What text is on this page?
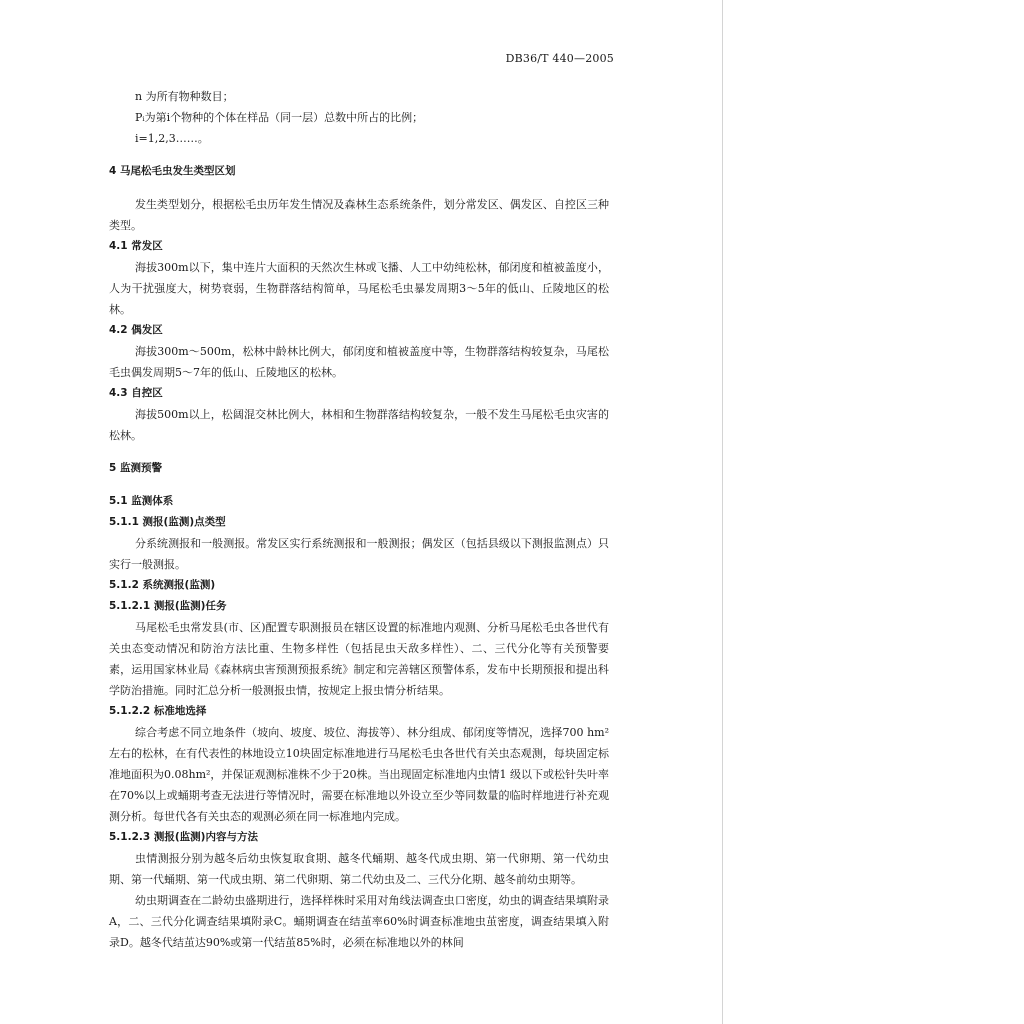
DB36/T 440—2005
n 为所有物种数目；
Pᵢ为第i个物种的个体在样品（同一层）总数中所占的比例；
i=1,2,3……。
4 马尾松毛虫发生类型区划
发生类型划分，根据松毛虫历年发生情况及森林生态系统条件，划分常发区、偶发区、自控区三种类型。
4.1 常发区
海拔300m以下，集中连片大面积的天然次生林或飞播、人工中幼纯松林，郁闭度和植被盖度小，人为干扰强度大，树势衰弱，生物群落结构简单，马尾松毛虫暴发周期3～5年的低山、丘陵地区的松林。
4.2 偶发区
海拔300m～500m，松林中龄林比例大，郁闭度和植被盖度中等，生物群落结构较复杂，马尾松毛虫偶发周期5～7年的低山、丘陵地区的松林。
4.3 自控区
海拔500m以上，松阔混交林比例大，林相和生物群落结构较复杂，一般不发生马尾松毛虫灾害的松林。
5 监测预警
5.1 监测体系
5.1.1 测报(监测)点类型
分系统测报和一般测报。常发区实行系统测报和一般测报；偶发区（包括县级以下测报监测点）只实行一般测报。
5.1.2 系统测报(监测)
5.1.2.1 测报(监测)任务
马尾松毛虫常发县(市、区)配置专职测报员在辖区设置的标准地内观测、分析马尾松毛虫各世代有关虫态变动情况和防治方法比重、生物多样性（包括昆虫天敌多样性）、二、三代分化等有关预警要素，运用国家林业局《森林病虫害预测预报系统》制定和完善辖区预警体系，发布中长期预报和提出科学防治措施。同时汇总分析一般测报虫情，按规定上报虫情分析结果。
5.1.2.2 标准地选择
综合考虑不同立地条件（坡向、坡度、坡位、海拔等）、林分组成、郁闭度等情况，选择700 hm²左右的松林，在有代表性的林地设立10块固定标准地进行马尾松毛虫各世代有关虫态观测，每块固定标准地面积为0.08hm²，并保证观测标准株不少于20株。当出现固定标准地内虫情1 级以下或松针失叶率在70%以上或蛹期考查无法进行等情况时，需要在标准地以外设立至少等同数量的临时样地进行补充观测分析。每世代各有关虫态的观测必须在同一标准地内完成。
5.1.2.3 测报(监测)内容与方法
虫情测报分别为越冬后幼虫恢复取食期、越冬代蛹期、越冬代成虫期、第一代卵期、第一代幼虫期、第一代蛹期、第一代成虫期、第二代卵期、第二代幼虫及二、三代分化期、越冬前幼虫期等。
幼虫期调查在二龄幼虫盛期进行，选择样株时采用对角线法调查虫口密度，幼虫的调查结果填附录A，二、三代分化调查结果填附录C。蛹期调查在结茧率60%时调查标准地虫茧密度，调查结果填入附录D。越冬代结茧达90%或第一代结茧85%时，必须在标准地以外的林间
